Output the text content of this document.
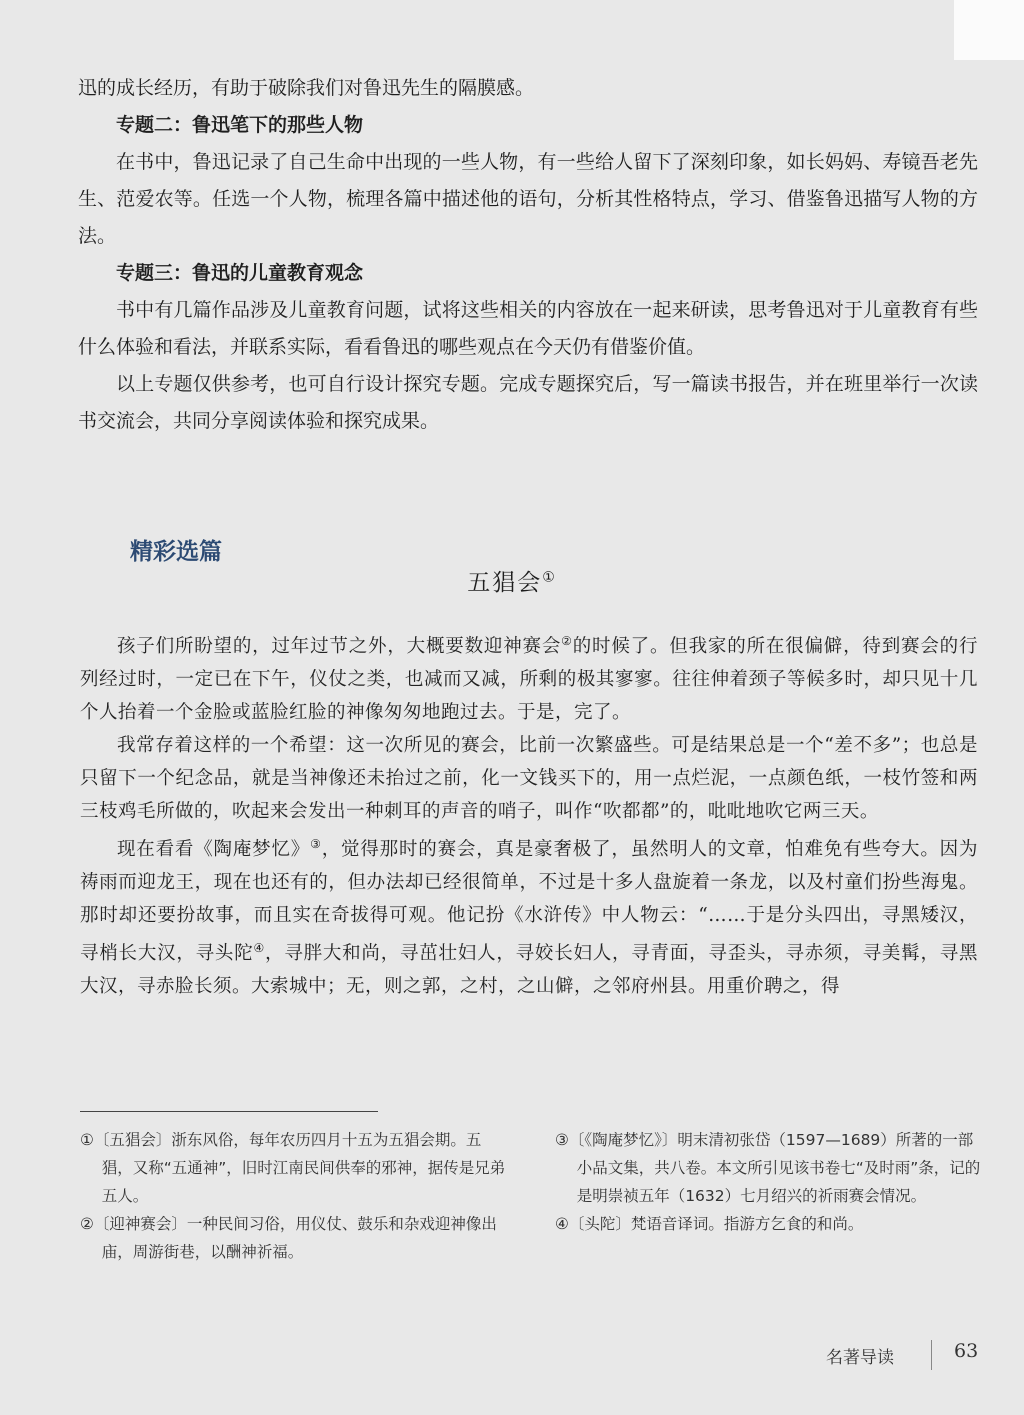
迅的成长经历，有助于破除我们对鲁迅先生的隔膜感。

专题二：鲁迅笔下的那些人物

在书中，鲁迅记录了自己生命中出现的一些人物，有一些给人留下了深刻印象，如长妈妈、寿镜吾老先生、范爱农等。任选一个人物，梳理各篇中描述他的语句，分析其性格特点，学习、借鉴鲁迅描写人物的方法。

专题三：鲁迅的儿童教育观念

书中有几篇作品涉及儿童教育问题，试将这些相关的内容放在一起来研读，思考鲁迅对于儿童教育有些什么体验和看法，并联系实际，看看鲁迅的哪些观点在今天仍有借鉴价值。

以上专题仅供参考，也可自行设计探究专题。完成专题探究后，写一篇读书报告，并在班里举行一次读书交流会，共同分享阅读体验和探究成果。

精彩选篇
五猖会①

孩子们所盼望的，过年过节之外，大概要数迎神赛会②的时候了。但我家的所在很偏僻，待到赛会的行列经过时，一定已在下午，仪仗之类，也减而又减，所剩的极其寥寥。往往伸着颈子等候多时，却只见十几个人抬着一个金脸或蓝脸红脸的神像匆匆地跑过去。于是，完了。

我常存着这样的一个希望：这一次所见的赛会，比前一次繁盛些。可是结果总是一个“差不多”；也总是只留下一个纪念品，就是当神像还未抬过之前，化一文钱买下的，用一点烂泥，一点颜色纸，一枝竹签和两三枝鸡毛所做的，吹起来会发出一种刺耳的声音的哨子，叫作“吹都都”的，吡吡地吹它两三天。

现在看看《陶庵梦忆》③，觉得那时的赛会，真是豪奢极了，虽然明人的文章，怕难免有些夸大。因为祷雨而迎龙王，现在也还有的，但办法却已经很简单，不过是十多人盘旋着一条龙，以及村童们扮些海鬼。那时却还要扮故事，而且实在奇拔得可观。他记扮《水浒传》中人物云：“……于是分头四出，寻黑矮汉，寻梢长大汉，寻头陀④，寻胖大和尚，寻茁壮妇人，寻姣长妇人，寻青面，寻歪头，寻赤须，寻美髯，寻黑大汉，寻赤脸长须。大索城中；无，则之郭，之村，之山僻，之邻府州县。用重价聘之，得

①〔五猖会〕浙东风俗，每年农历四月十五为五猖会期。五猖，又称“五通神”，旧时江南民间供奉的邪神，据传是兄弟五人。

②〔迎神赛会〕一种民间习俗，用仪仗、鼓乐和杂戏迎神像出庙，周游街巷，以酬神祈福。

③〔《陶庵梦忆》〕明末清初张岱（1597—1689）所著的一部小品文集，共八卷。本文所引见该书卷七“及时雨”条，记的是明崇祯五年（1632）七月绍兴的祈雨赛会情况。

④〔头陀〕梵语音译词。指游方乞食的和尚。

名著导读	63
